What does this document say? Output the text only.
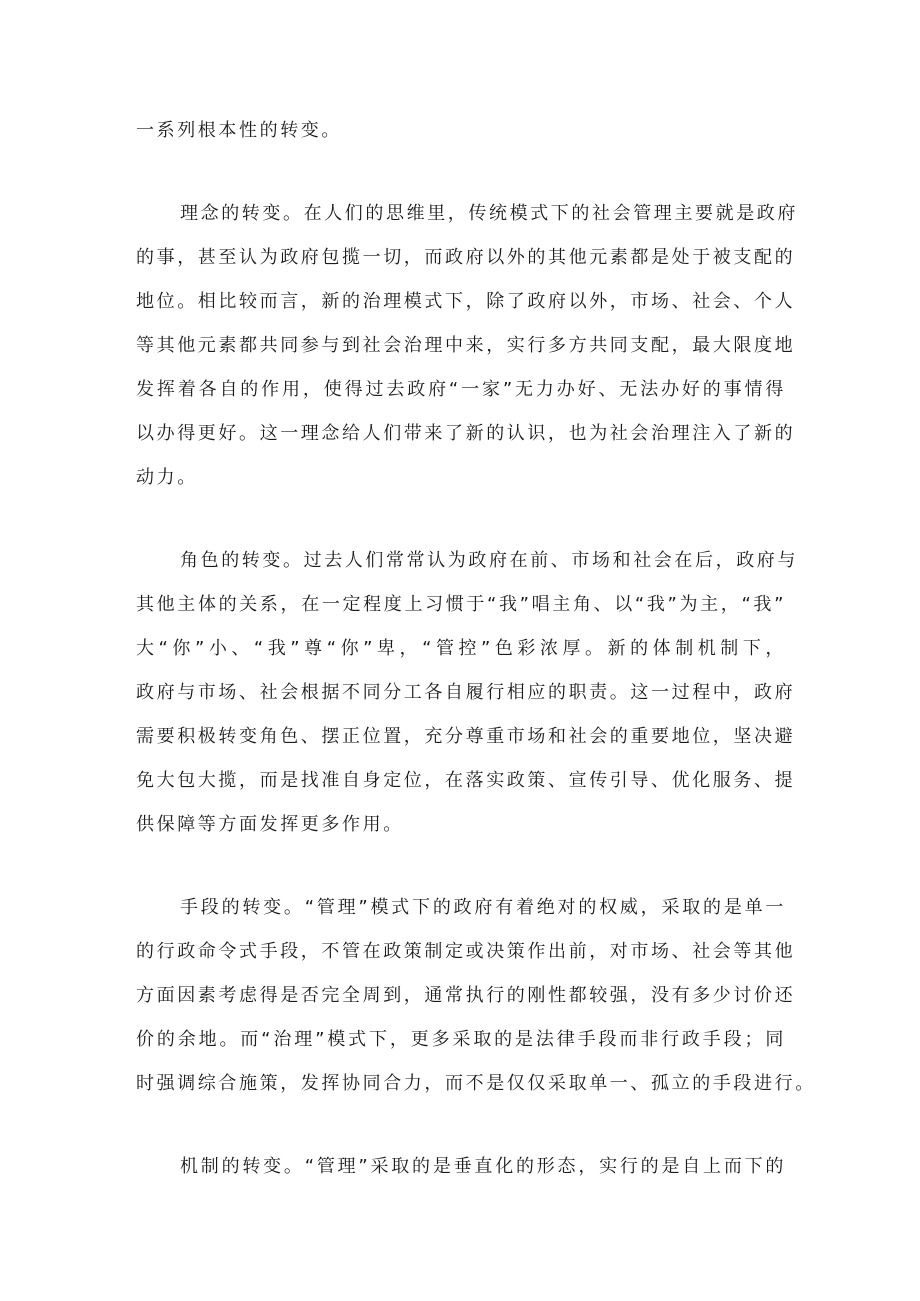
一系列根本性的转变。

理念的转变。在人们的思维里，传统模式下的社会管理主要就是政府

的事，甚至认为政府包揽一切，而政府以外的其他元素都是处于被支配的

地位。相比较而言，新的治理模式下，除了政府以外，市场、社会、个人

等其他元素都共同参与到社会治理中来，实行多方共同支配，最大限度地

发挥着各自的作用，使得过去政府“一家”无力办好、无法办好的事情得

以办得更好。这一理念给人们带来了新的认识，也为社会治理注入了新的

动力。

角色的转变。过去人们常常认为政府在前、市场和社会在后，政府与

其他主体的关系，在一定程度上习惯于“我”唱主角、以“我”为主，“我”

大“你”小、“我”尊“你”卑，“管控”色彩浓厚。新的体制机制下，

政府与市场、社会根据不同分工各自履行相应的职责。这一过程中，政府

需要积极转变角色、摆正位置，充分尊重市场和社会的重要地位，坚决避

免大包大揽，而是找准自身定位，在落实政策、宣传引导、优化服务、提

供保障等方面发挥更多作用。

手段的转变。“管理”模式下的政府有着绝对的权威，采取的是单一

的行政命令式手段，不管在政策制定或决策作出前，对市场、社会等其他

方面因素考虑得是否完全周到，通常执行的刚性都较强，没有多少讨价还

价的余地。而“治理”模式下，更多采取的是法律手段而非行政手段；同

时强调综合施策，发挥协同合力，而不是仅仅采取单一、孤立的手段进行。

机制的转变。“管理”采取的是垂直化的形态，实行的是自上而下的
